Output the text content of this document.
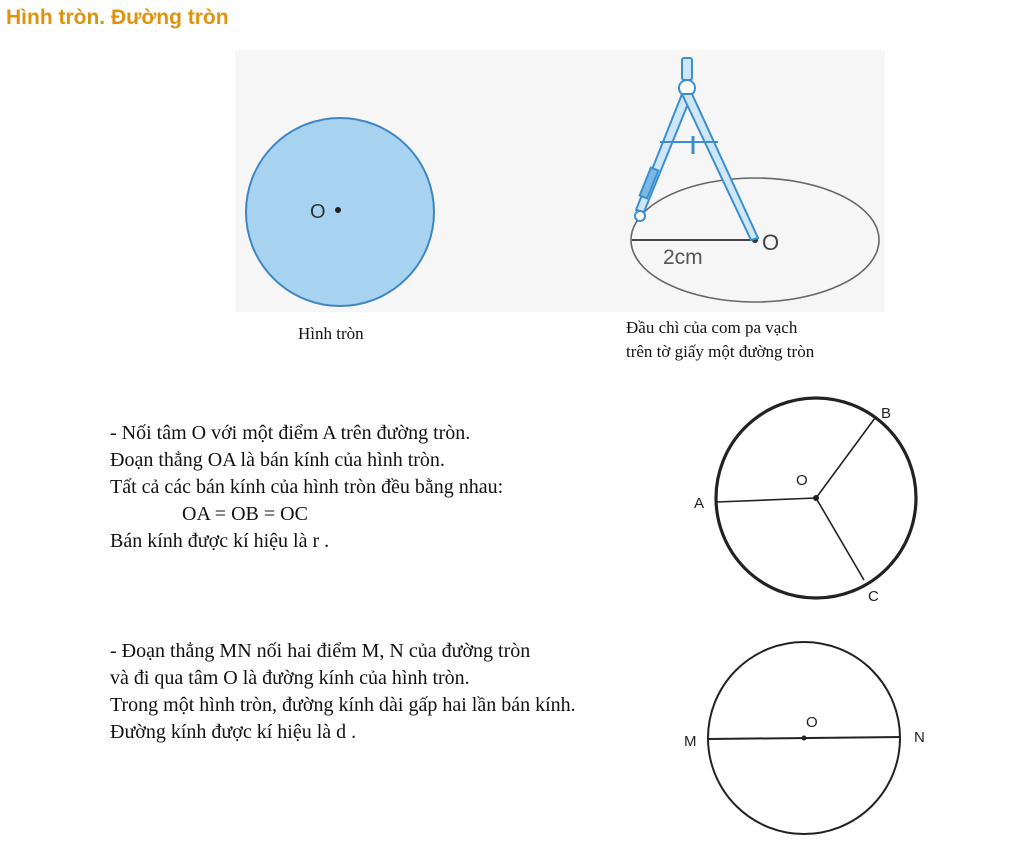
Hình tròn. Đường tròn
O
2cm
O
Hình tròn	Đầu chì của com pa vạch
trên tờ giấy một đường tròn
- Nối tâm O với một điểm A trên đường tròn.
Đoạn thẳng OA là bán kính của hình tròn.
Tất cả các bán kính của hình tròn đều bằng nhau:
OA = OB = OC
Bán kính được kí hiệu là r .
O
A
B
C
- Đoạn thẳng MN nối hai điểm M, N của đường tròn
và đi qua tâm O là đường kính của hình tròn.
Trong một hình tròn, đường kính dài gấp hai lần bán kính.
Đường kính được kí hiệu là d .	O
M	N
